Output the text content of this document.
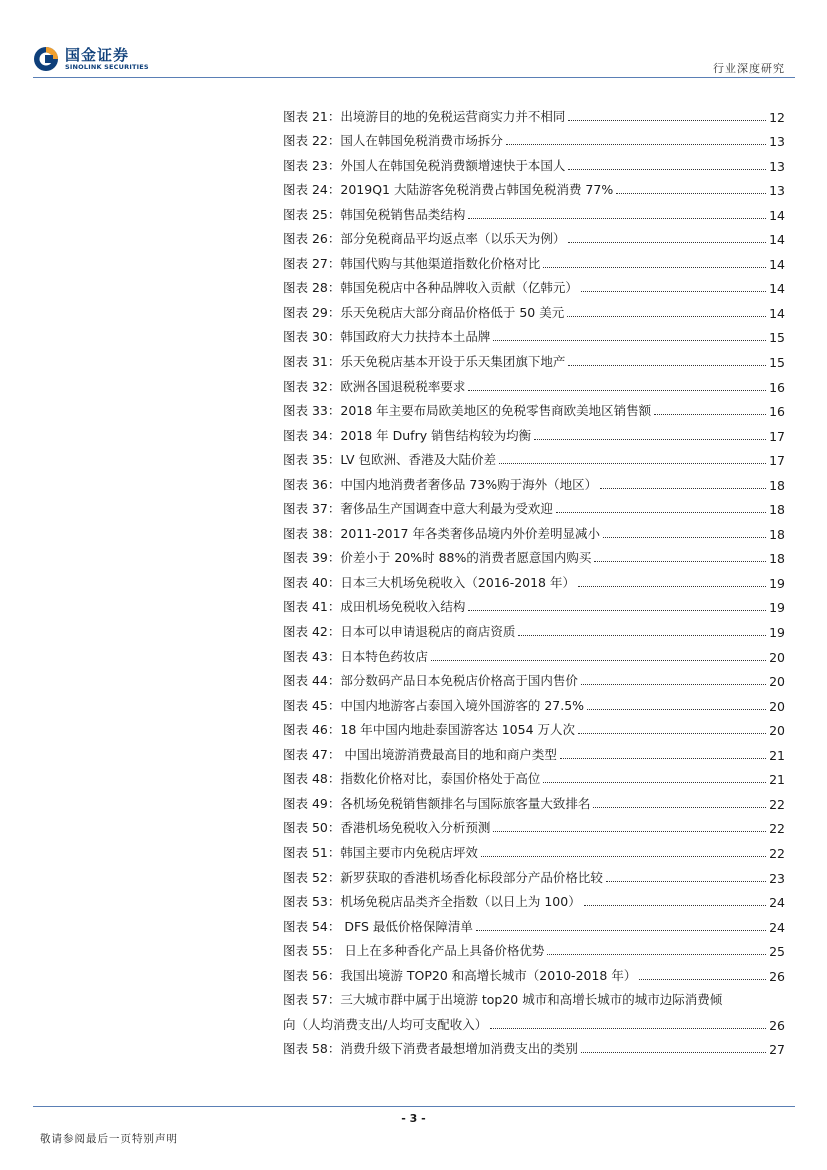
国金证券
SINOLINK SECURITIES	行业深度研究
图表 21：出境游目的地的免税运营商实力并不相同	12
图表 22：国人在韩国免税消费市场拆分	13
图表 23：外国人在韩国免税消费额增速快于本国人	13
图表 24：2019Q1 大陆游客免税消费占韩国免税消费 77%	13
图表 25：韩国免税销售品类结构	14
图表 26：部分免税商品平均返点率（以乐天为例）	14
图表 27：韩国代购与其他渠道指数化价格对比	14
图表 28：韩国免税店中各种品牌收入贡献（亿韩元）	14
图表 29：乐天免税店大部分商品价格低于 50 美元	14
图表 30：韩国政府大力扶持本土品牌	15
图表 31：乐天免税店基本开设于乐天集团旗下地产	15
图表 32：欧洲各国退税税率要求	16
图表 33：2018 年主要布局欧美地区的免税零售商欧美地区销售额	16
图表 34：2018 年 Dufry 销售结构较为均衡	17
图表 35：LV 包欧洲、香港及大陆价差	17
图表 36：中国内地消费者奢侈品 73%购于海外（地区）	18
图表 37：奢侈品生产国调查中意大利最为受欢迎	18
图表 38：2011-2017 年各类奢侈品境内外价差明显减小	18
图表 39：价差小于 20%时 88%的消费者愿意国内购买	18
图表 40：日本三大机场免税收入（2016-2018 年）	19
图表 41：成田机场免税收入结构	19
图表 42：日本可以申请退税店的商店资质	19
图表 43：日本特色药妆店	20
图表 44：部分数码产品日本免税店价格高于国内售价	20
图表 45：中国内地游客占泰国入境外国游客的 27.5%	20
图表 46：18 年中国内地赴泰国游客达 1054 万人次	20
图表 47： 中国出境游消费最高目的地和商户类型	21
图表 48：指数化价格对比，泰国价格处于高位	21
图表 49：各机场免税销售额排名与国际旅客量大致排名	22
图表 50：香港机场免税收入分析预测	22
图表 51：韩国主要市内免税店坪效	22
图表 52：新罗获取的香港机场香化标段部分产品价格比较	23
图表 53：机场免税店品类齐全指数（以日上为 100）	24
图表 54： DFS 最低价格保障清单	24
图表 55： 日上在多种香化产品上具备价格优势	25
图表 56：我国出境游 TOP20 和高增长城市（2010-2018 年）	26
图表 57：三大城市群中属于出境游 top20 城市和高增长城市的城市边际消费倾
向（人均消费支出/人均可支配收入）	26
图表 58：消费升级下消费者最想增加消费支出的类别	27
- 3 -
敬请参阅最后一页特别声明
